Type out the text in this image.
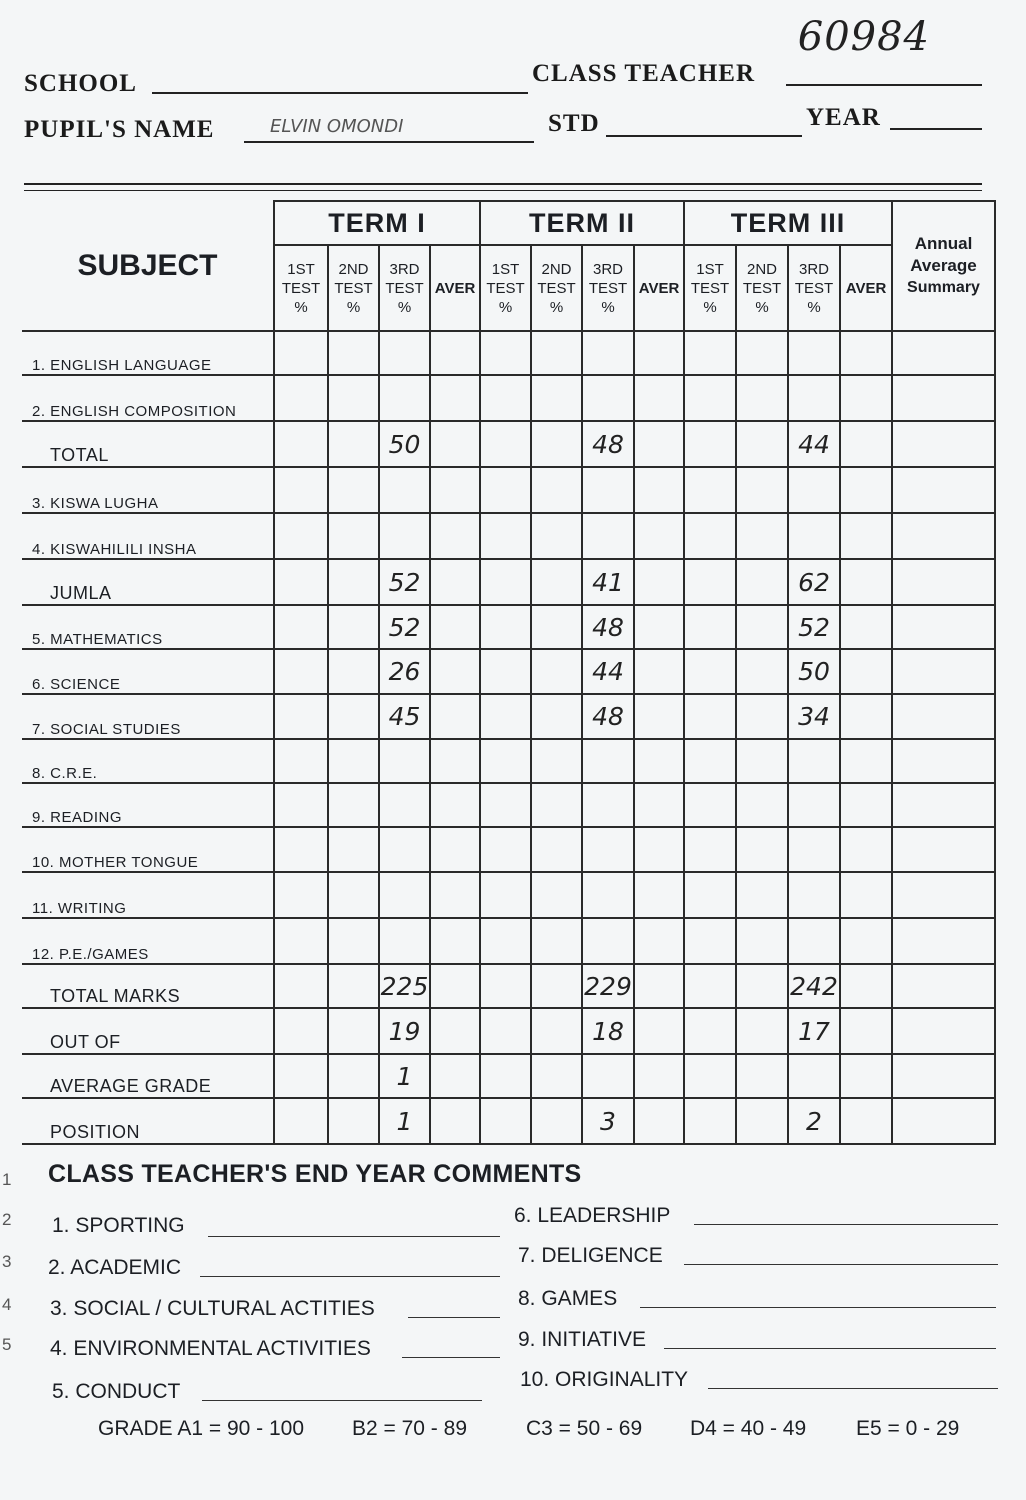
60984
SCHOOL	CLASS TEACHER
PUPIL'S NAME	ELVIN OMONDI	STD	YEAR
SUBJECT	TERM I				TERM II				TERM III				Annual
Average
Summary

	1ST
TEST
%	2ND
TEST
%	3RD
TEST
%	AVER	1ST
TEST
%	2ND
TEST
%	3RD
TEST
%	AVER	1ST
TEST
%	2ND
TEST
%	3RD
TEST
%	AVER	
1. ENGLISH LANGUAGE													
2. ENGLISH COMPOSITION													
TOTAL			50				48				44		
3. KISWA LUGHA													
4. KISWAHILILI INSHA													
JUMLA			52				41				62		
5. MATHEMATICS			52				48				52		
6. SCIENCE			26				44				50		
7. SOCIAL STUDIES			45				48				34		
8. C.R.E.													
9. READING													
10. MOTHER TONGUE													
11. WRITING													
12. P.E./GAMES													
TOTAL MARKS			225				229				242		
OUT OF			19				18				17		
AVERAGE GRADE			1										
POSITION			1				3				2		
CLASS TEACHER'S END YEAR COMMENTS
1. SPORTING
2. ACADEMIC
3. SOCIAL / CULTURAL ACTITIES
4. ENVIRONMENTAL ACTIVITIES
5. CONDUCT
6. LEADERSHIP
7. DELIGENCE
8. GAMES
9. INITIATIVE
10. ORIGINALITY
GRADE A1 = 90 - 100 B2 = 70 - 89	C3 = 50 - 69 D4 = 40 - 49 E5 = 0 - 29
1
2
3
4
5
